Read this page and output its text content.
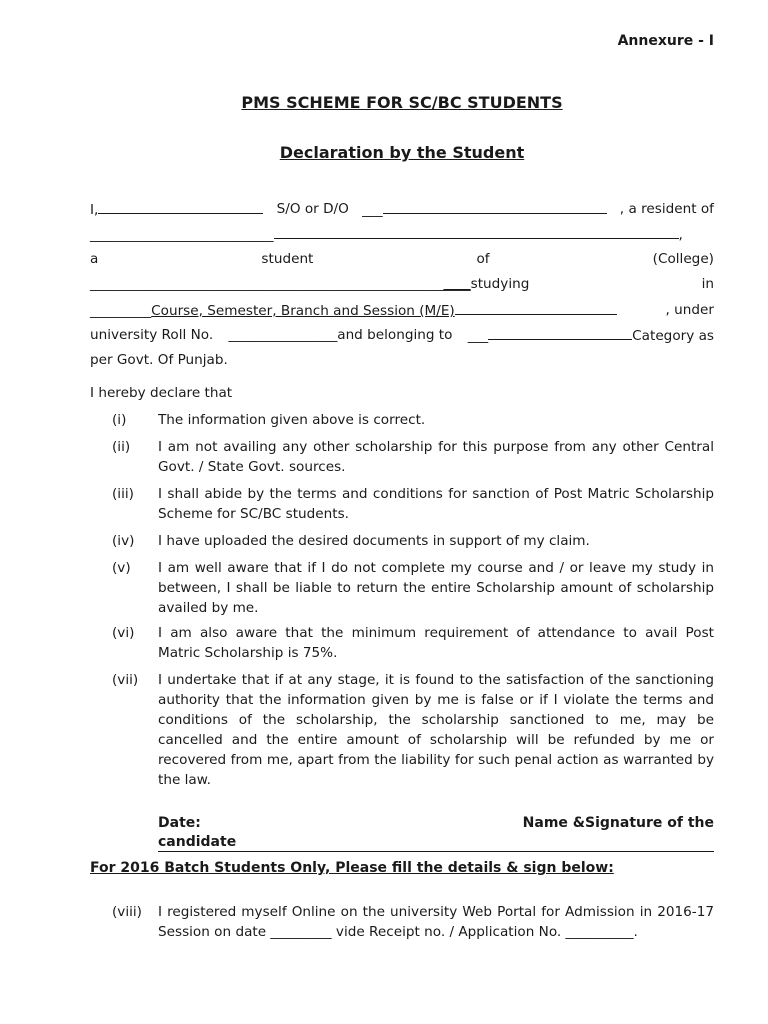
Annexure - I
PMS SCHEME FOR SC/BC STUDENTS
Declaration by the Student
I,	S/O or D/O ___	, a resident of
___________________________	,
a	student	of	(College)
________________________________________________________studying	in
_________Course, Semester, Branch and Session (M/E)	, under
university Roll No. ________________and belonging to ___	Category as
per Govt. Of Punjab.
I hereby declare that
(i) The information given above is correct.
(ii) I am not availing any other scholarship for this purpose from any other Central Govt. / State Govt. sources.
(iii) I shall abide by the terms and conditions for sanction of Post Matric Scholarship Scheme for SC/BC students.
(iv) I have uploaded the desired documents in support of my claim.
(v) I am well aware that if I do not complete my course and / or leave my study in between, I shall be liable to return the entire Scholarship amount of scholarship availed by me.
(vi) I am also aware that the minimum requirement of attendance to avail Post Matric Scholarship is 75%.
(vii) I undertake that if at any stage, it is found to the satisfaction of the sanctioning authority that the information given by me is false or if I violate the terms and conditions of the scholarship, the scholarship sanctioned to me, may be cancelled and the entire amount of scholarship will be refunded by me or recovered from me, apart from the liability for such penal action as warranted by the law.
Date:	Name &Signature of the
candidate
For 2016 Batch Students Only, Please fill the details & sign below:
(viii) I registered myself Online on the university Web Portal for Admission in 2016-17 Session on date _________ vide Receipt no. / Application No. __________.
